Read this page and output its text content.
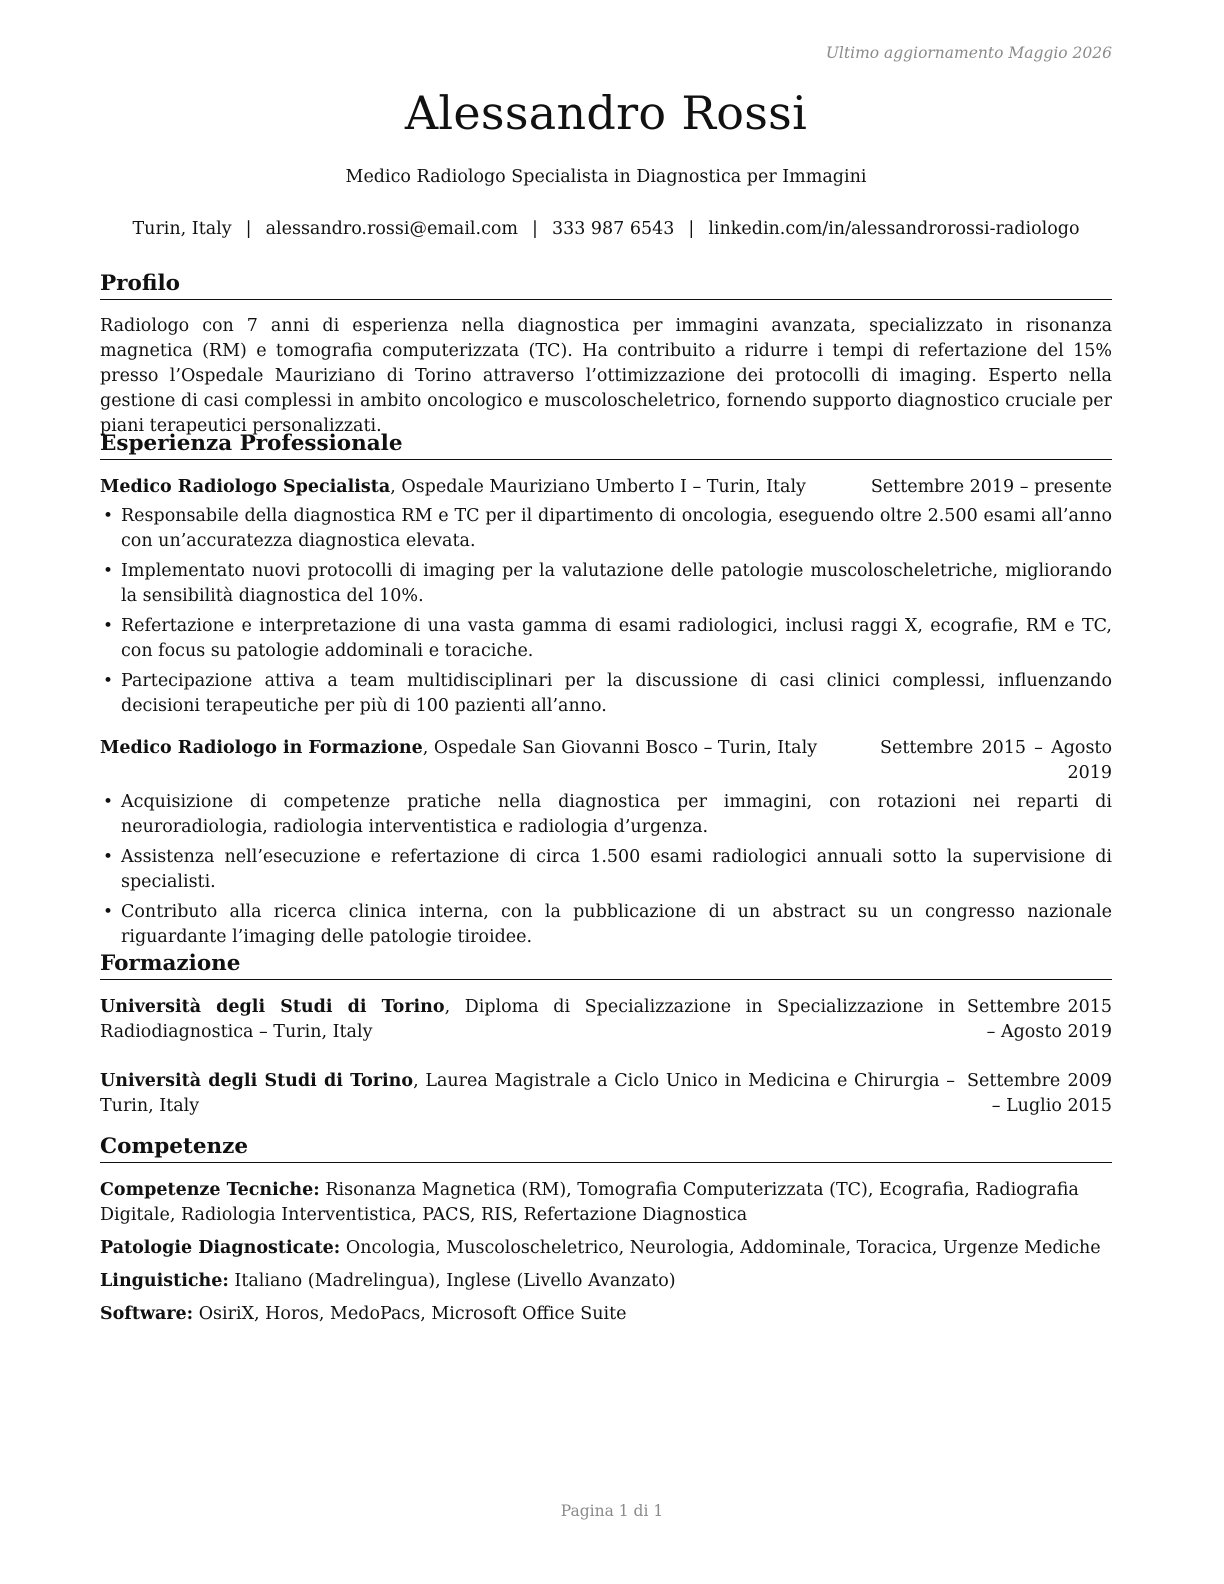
Ultimo aggiornamento Maggio 2026
Alessandro Rossi
Medico Radiologo Specialista in Diagnostica per Immagini
Turin, Italy | alessandro.rossi@email.com | 333 987 6543 | linkedin.com/in/alessandrorossi-radiologo
Profilo

Radiologo con 7 anni di esperienza nella diagnostica per immagini avanzata, specializzato in risonanza magnetica (RM) e tomografia computerizzata (TC). Ha contribuito a ridurre i tempi di refertazione del 15% presso l’Ospedale Mauriziano di Torino attraverso l’ottimizzazione dei protocolli di imaging. Esperto nella gestione di casi complessi in ambito oncologico e muscoloscheletrico, fornendo supporto diagnostico cruciale per piani terapeutici personalizzati.

Esperienza Professionale
Medico Radiologo Specialista, Ospedale Mauriziano Umberto I – Turin, Italy	Settembre 2019 – presente
• Responsabile della diagnostica RM e TC per il dipartimento di oncologia, eseguendo oltre 2.500 esami all’anno con un’accuratezza diagnostica elevata.
• Implementato nuovi protocolli di imaging per la valutazione delle patologie muscoloscheletriche, migliorando la sensibilità diagnostica del 10%.
• Refertazione e interpretazione di una vasta gamma di esami radiologici, inclusi raggi X, ecografie, RM e TC, con focus su patologie addominali e toraciche.
• Partecipazione attiva a team multidisciplinari per la discussione di casi clinici complessi, influenzando decisioni terapeutiche per più di 100 pazienti all’anno.
Medico Radiologo in Formazione, Ospedale San Giovanni Bosco – Turin, Italy	Settembre 2015 – Agosto 2019
• Acquisizione di competenze pratiche nella diagnostica per immagini, con rotazioni nei reparti di neuroradiologia, radiologia interventistica e radiologia d’urgenza.
• Assistenza nell’esecuzione e refertazione di circa 1.500 esami radiologici annuali sotto la supervisione di specialisti.
• Contributo alla ricerca clinica interna, con la pubblicazione di un abstract su un congresso nazionale riguardante l’imaging delle patologie tiroidee.
Formazione
Università degli Studi di Torino, Diploma di Specializzazione in Specializzazione in Radiodiagnostica – Turin, Italy
Settembre 2015 – Agosto 2019
Università degli Studi di Torino, Laurea Magistrale a Ciclo Unico in Medicina e Chirurgia – Turin, Italy
Settembre 2009 – Luglio 2015
Competenze
Competenze Tecniche: Risonanza Magnetica (RM), Tomografia Computerizzata (TC), Ecografia, Radiografia Digitale, Radiologia Interventistica, PACS, RIS, Refertazione Diagnostica
Patologie Diagnosticate: Oncologia, Muscoloscheletrico, Neurologia, Addominale, Toracica, Urgenze Mediche
Linguistiche: Italiano (Madrelingua), Inglese (Livello Avanzato)
Software: OsiriX, Horos, MedoPacs, Microsoft Office Suite
Pagina 1 di 1
